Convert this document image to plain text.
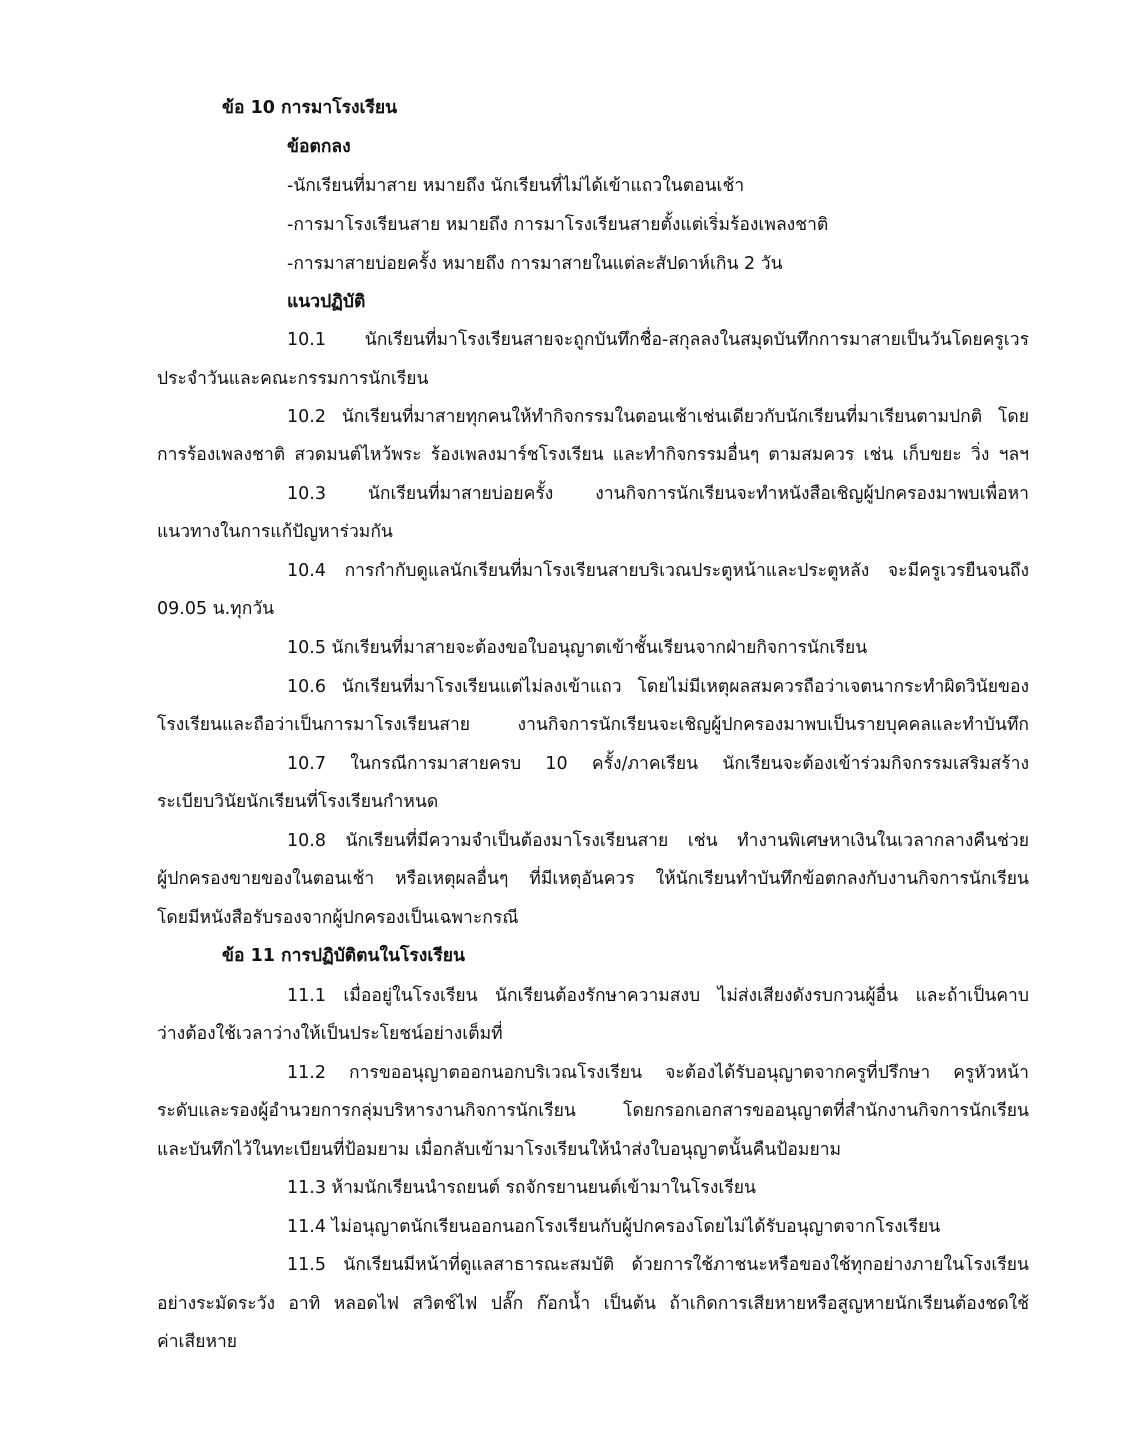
ข้อ 10 การมาโรงเรียน
ข้อตกลง
-นักเรียนที่มาสาย หมายถึง นักเรียนที่ไม่ได้เข้าแถวในตอนเช้า
-การมาโรงเรียนสาย หมายถึง การมาโรงเรียนสายตั้งแต่เริ่มร้องเพลงชาติ
-การมาสายบ่อยครั้ง หมายถึง การมาสายในแต่ละสัปดาห์เกิน 2 วัน
แนวปฏิบัติ
10.1 นักเรียนที่มาโรงเรียนสายจะถูกบันทึกชื่อ-สกุลลงในสมุดบันทึกการมาสายเป็นวันโดยครูเวร
ประจำวันและคณะกรรมการนักเรียน
10.2 นักเรียนที่มาสายทุกคนให้ทำกิจกรรมในตอนเช้าเช่นเดียวกับนักเรียนที่มาเรียนตามปกติ โดย
การร้องเพลงชาติ สวดมนต์ไหว้พระ ร้องเพลงมาร์ชโรงเรียน และทำกิจกรรมอื่นๆ ตามสมควร เช่น เก็บขยะ วิ่ง ฯลฯ
10.3 นักเรียนที่มาสายบ่อยครั้ง งานกิจการนักเรียนจะทำหนังสือเชิญผู้ปกครองมาพบเพื่อหา
แนวทางในการแก้ปัญหาร่วมกัน
10.4 การกำกับดูแลนักเรียนที่มาโรงเรียนสายบริเวณประตูหน้าและประตูหลัง จะมีครูเวรยืนจนถึง
09.05 น.ทุกวัน
10.5 นักเรียนที่มาสายจะต้องขอใบอนุญาตเข้าชั้นเรียนจากฝ่ายกิจการนักเรียน
10.6 นักเรียนที่มาโรงเรียนแต่ไม่ลงเข้าแถว โดยไม่มีเหตุผลสมควรถือว่าเจตนากระทำผิดวินัยของ
โรงเรียนและถือว่าเป็นการมาโรงเรียนสาย งานกิจการนักเรียนจะเชิญผู้ปกครองมาพบเป็นรายบุคคลและทำบันทึก
10.7 ในกรณีการมาสายครบ 10 ครั้ง/ภาคเรียน นักเรียนจะต้องเข้าร่วมกิจกรรมเสริมสร้าง
ระเบียบวินัยนักเรียนที่โรงเรียนกำหนด
10.8 นักเรียนที่มีความจำเป็นต้องมาโรงเรียนสาย เช่น ทำงานพิเศษหาเงินในเวลากลางคืนช่วย
ผู้ปกครองขายของในตอนเช้า หรือเหตุผลอื่นๆ ที่มีเหตุอันควร ให้นักเรียนทำบันทึกข้อตกลงกับงานกิจการนักเรียน
โดยมีหนังสือรับรองจากผู้ปกครองเป็นเฉพาะกรณี
ข้อ 11 การปฏิบัติตนในโรงเรียน
11.1 เมื่ออยู่ในโรงเรียน นักเรียนต้องรักษาความสงบ ไม่ส่งเสียงดังรบกวนผู้อื่น และถ้าเป็นคาบ
ว่างต้องใช้เวลาว่างให้เป็นประโยชน์อย่างเต็มที่
11.2 การขออนุญาตออกนอกบริเวณโรงเรียน จะต้องได้รับอนุญาตจากครูที่ปรึกษา ครูหัวหน้า
ระดับและรองผู้อำนวยการกลุ่มบริหารงานกิจการนักเรียน โดยกรอกเอกสารขออนุญาตที่สำนักงานกิจการนักเรียน
และบันทึกไว้ในทะเบียนที่ป้อมยาม เมื่อกลับเข้ามาโรงเรียนให้นำส่งใบอนุญาตนั้นคืนป้อมยาม
11.3 ห้ามนักเรียนนำรถยนต์ รถจักรยานยนต์เข้ามาในโรงเรียน
11.4 ไม่อนุญาตนักเรียนออกนอกโรงเรียนกับผู้ปกครองโดยไม่ได้รับอนุญาตจากโรงเรียน
11.5 นักเรียนมีหน้าที่ดูแลสาธารณะสมบัติ ด้วยการใช้ภาชนะหรือของใช้ทุกอย่างภายในโรงเรียน
อย่างระมัดระวัง อาทิ หลอดไฟ สวิตช์ไฟ ปลั๊ก ก๊อกน้ำ เป็นต้น ถ้าเกิดการเสียหายหรือสูญหายนักเรียนต้องชดใช้
ค่าเสียหาย
